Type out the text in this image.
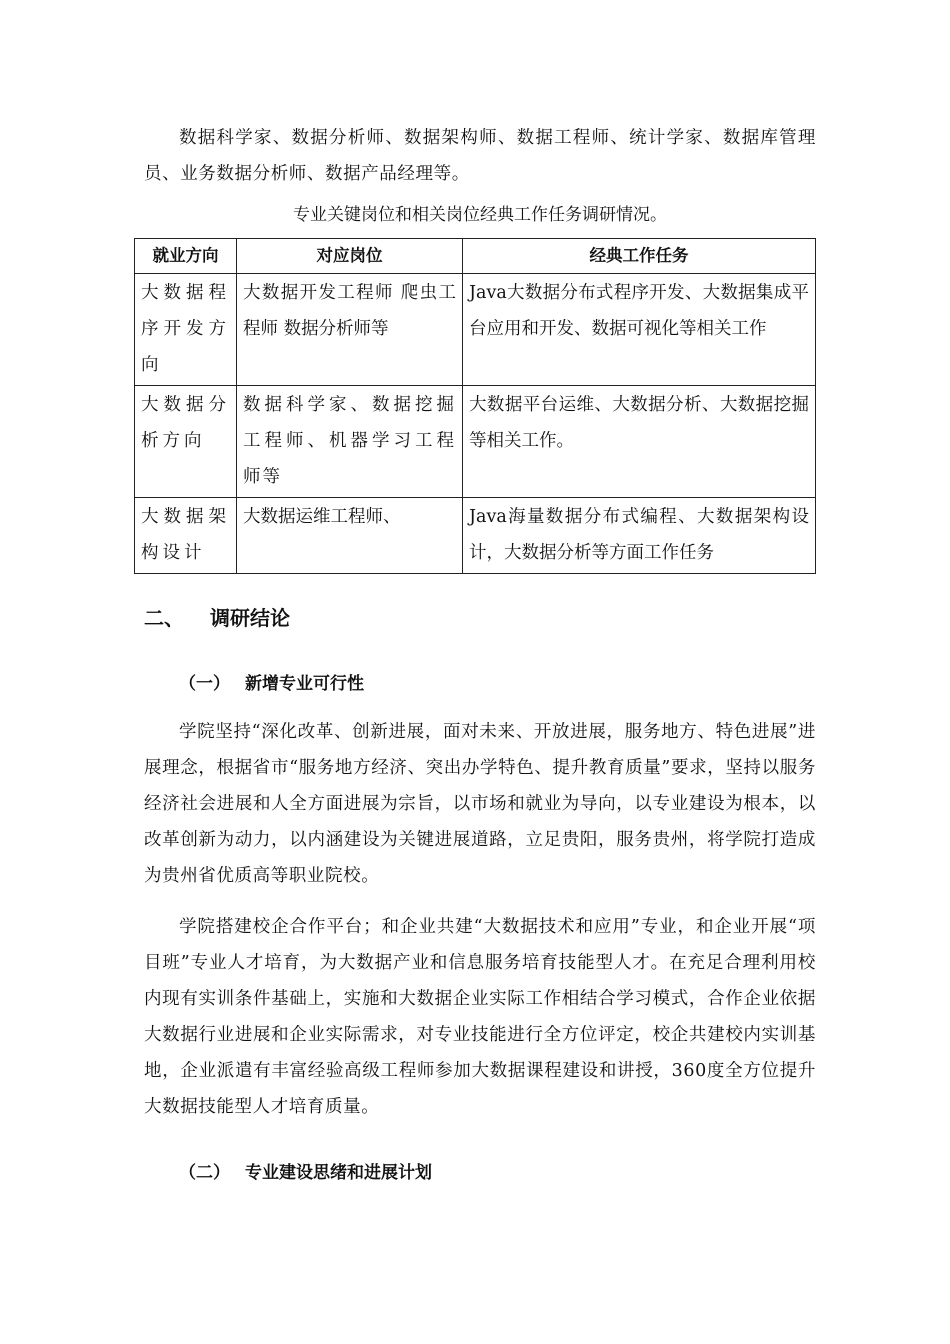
数据科学家、数据分析师、数据架构师、数据工程师、统计学家、数据库管理员、业务数据分析师、数据产品经理等。

专业关键岗位和相关岗位经典工作任务调研情况。

就业方向	对应岗位	经典工作任务
大数据程序开发方向	大数据开发工程师 爬虫工程师 数据分析师等	Java大数据分布式程序开发、大数据集成平台应用和开发、数据可视化等相关工作
大数据分析方向	数据科学家、数据挖掘工程师、机器学习工程师等	大数据平台运维、大数据分析、大数据挖掘等相关工作。
大数据架构设计	大数据运维工程师、	Java海量数据分布式编程、大数据架构设计，大数据分析等方面工作任务
二、 调研结论
（一） 新增专业可行性

学院坚持“深化改革、创新进展，面对未来、开放进展，服务地方、特色进展”进展理念，根据省市“服务地方经济、突出办学特色、提升教育质量”要求，坚持以服务经济社会进展和人全方面进展为宗旨，以市场和就业为导向，以专业建设为根本，以改革创新为动力，以内涵建设为关键进展道路，立足贵阳，服务贵州，将学院打造成为贵州省优质高等职业院校。

学院搭建校企合作平台；和企业共建“大数据技术和应用”专业，和企业开展“项目班”专业人才培育，为大数据产业和信息服务培育技能型人才。在充足合理利用校内现有实训条件基础上，实施和大数据企业实际工作相结合学习模式，合作企业依据大数据行业进展和企业实际需求，对专业技能进行全方位评定，校企共建校内实训基地，企业派遣有丰富经验高级工程师参加大数据课程建设和讲授，360度全方位提升大数据技能型人才培育质量。

（二） 专业建设思绪和进展计划
